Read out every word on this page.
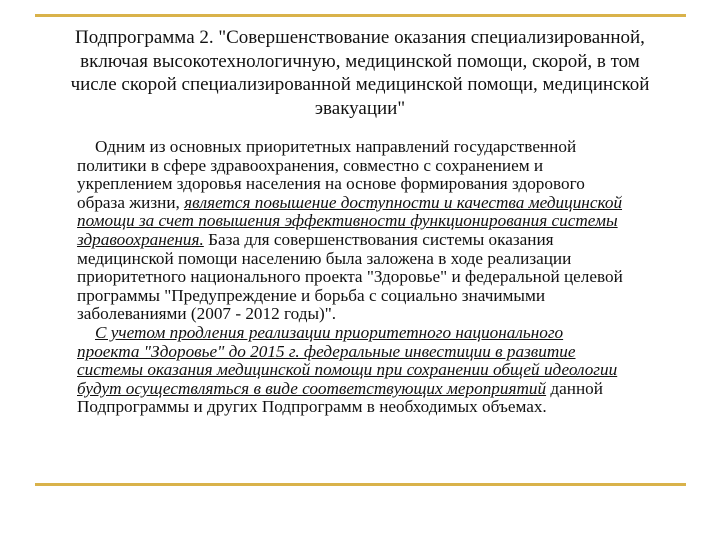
Подпрограмма 2. "Совершенствование оказания специализированной,
включая высокотехнологичную, медицинской помощи, скорой, в том
числе скорой специализированной медицинской помощи, медицинской
эвакуации"
Одним из основных приоритетных направлений государственной
политики в сфере здравоохранения, совместно с сохранением и
укреплением здоровья населения на основе формирования здорового
образа жизни, является повышение доступности и качества медицинской
помощи за счет повышения эффективности функционирования системы
здравоохранения. База для совершенствования системы оказания
медицинской помощи населению была заложена в ходе реализации
приоритетного национального проекта "Здоровье" и федеральной целевой
программы "Предупреждение и борьба с социально значимыми
заболеваниями (2007 - 2012 годы)".
С учетом продления реализации приоритетного национального
проекта "Здоровье" до 2015 г. федеральные инвестиции в развитие
системы оказания медицинской помощи при сохранении общей идеологии
будут осуществляться в виде соответствующих мероприятий данной
Подпрограммы и других Подпрограмм в необходимых объемах.
